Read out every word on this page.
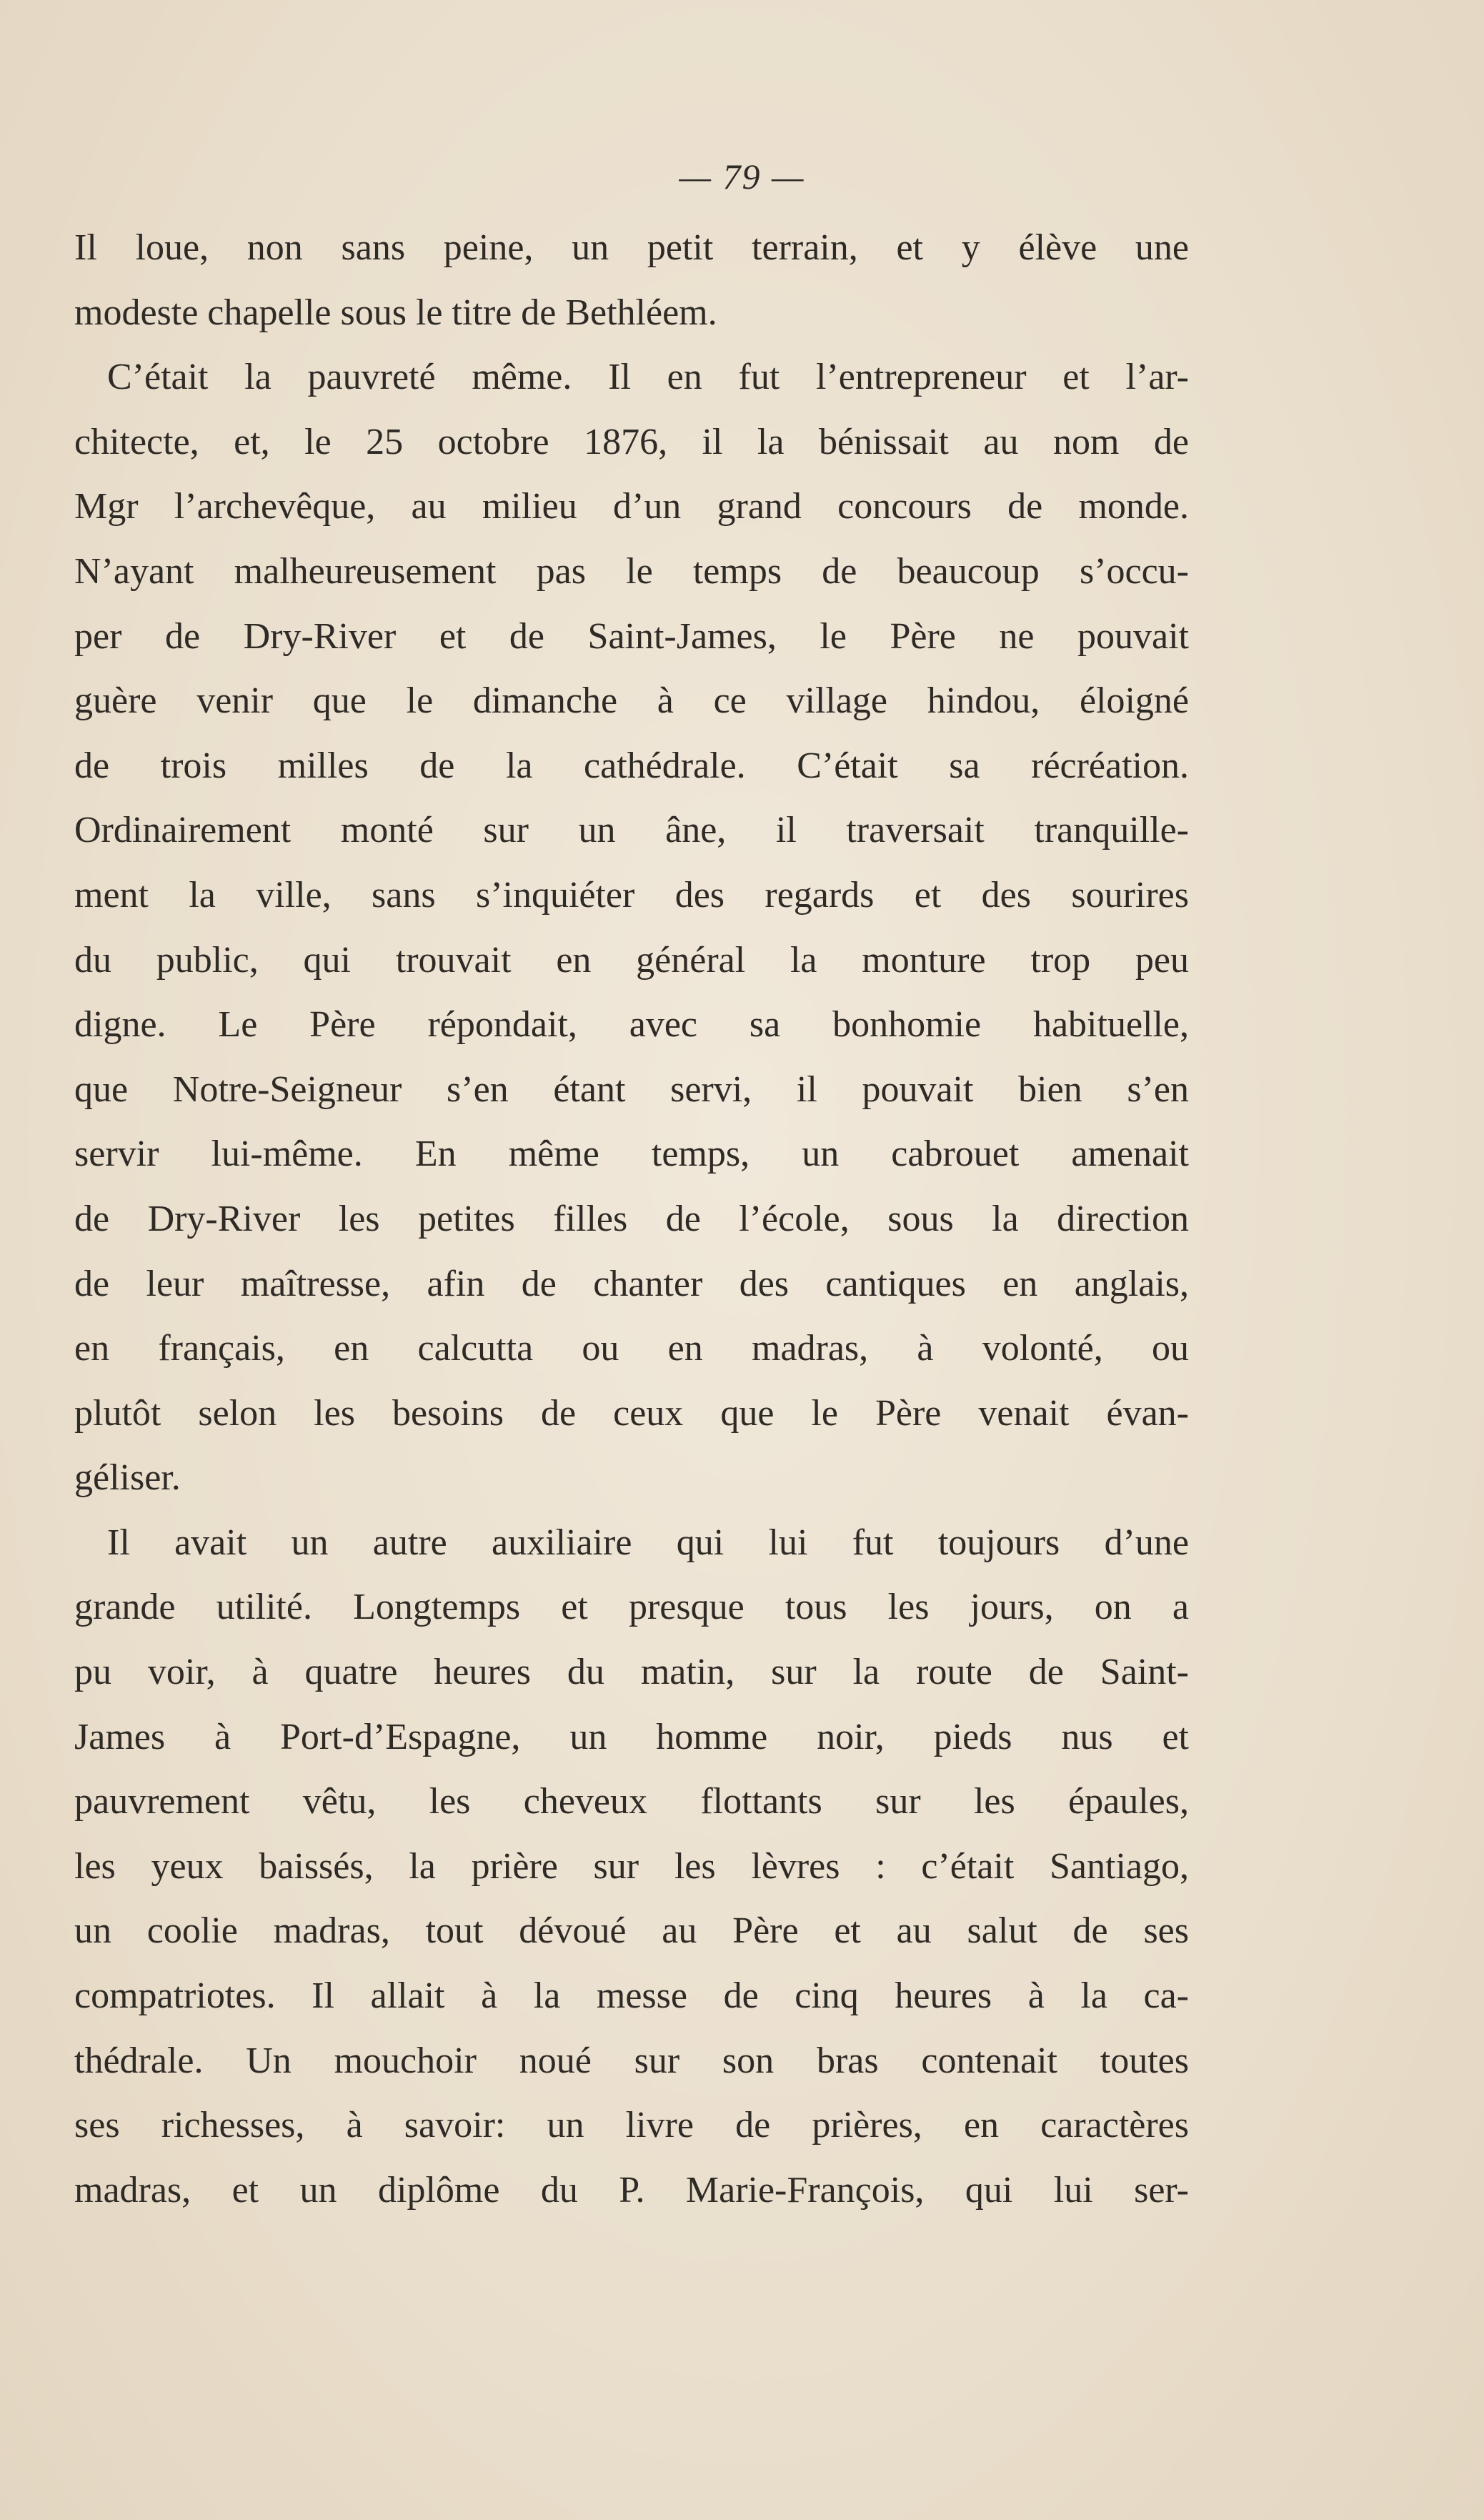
— 79 —
Il loue, non sans peine, un petit terrain, et y élève une
modeste chapelle sous le titre de Bethléem.
C’était la pauvreté même. Il en fut l’entrepreneur et l’ar-
chitecte, et, le 25 octobre 1876, il la bénissait au nom de
Mgr l’archevêque, au milieu d’un grand concours de monde.
N’ayant malheureusement pas le temps de beaucoup s’occu-
per de Dry-River et de Saint-James, le Père ne pouvait
guère venir que le dimanche à ce village hindou, éloigné
de trois milles de la cathédrale. C’était sa récréation.
Ordinairement monté sur un âne, il traversait tranquille-
ment la ville, sans s’inquiéter des regards et des sourires
du public, qui trouvait en général la monture trop peu
digne. Le Père répondait, avec sa bonhomie habituelle,
que Notre-Seigneur s’en étant servi, il pouvait bien s’en
servir lui-même. En même temps, un cabrouet amenait
de Dry-River les petites filles de l’école, sous la direction
de leur maîtresse, afin de chanter des cantiques en anglais,
en français, en calcutta ou en madras, à volonté, ou
plutôt selon les besoins de ceux que le Père venait évan-
géliser.
Il avait un autre auxiliaire qui lui fut toujours d’une
grande utilité. Longtemps et presque tous les jours, on a
pu voir, à quatre heures du matin, sur la route de Saint-
James à Port-d’Espagne, un homme noir, pieds nus et
pauvrement vêtu, les cheveux flottants sur les épaules,
les yeux baissés, la prière sur les lèvres : c’était Santiago,
un coolie madras, tout dévoué au Père et au salut de ses
compatriotes. Il allait à la messe de cinq heures à la ca-
thédrale. Un mouchoir noué sur son bras contenait toutes
ses richesses, à savoir: un livre de prières, en caractères
madras, et un diplôme du P. Marie-François, qui lui ser-
